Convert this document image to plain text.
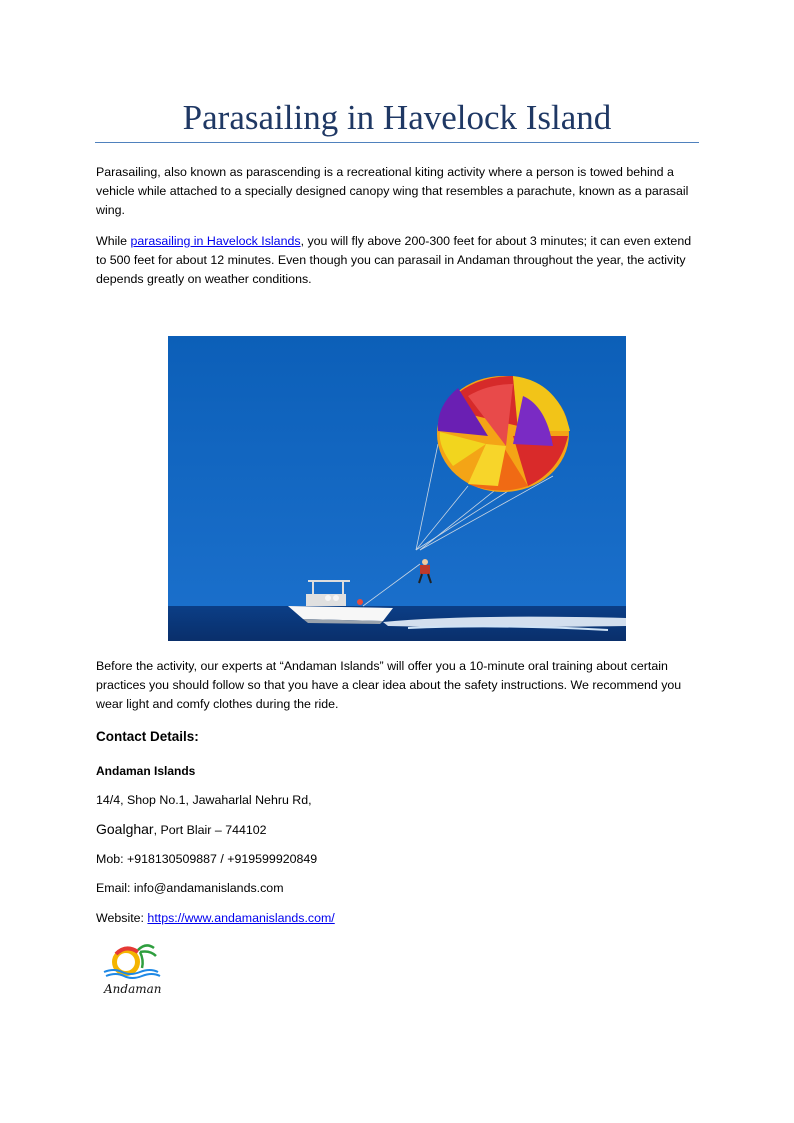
Parasailing in Havelock Island

Parasailing, also known as parascending is a recreational kiting activity where a person is towed behind a vehicle while attached to a specially designed canopy wing that resembles a parachute, known as a parasail wing.

While parasailing in Havelock Islands, you will fly above 200-300 feet for about 3 minutes; it can even extend to 500 feet for about 12 minutes. Even though you can parasail in Andaman throughout the year, the activity depends greatly on weather conditions.

Before the activity, our experts at “Andaman Islands” will offer you a 10-minute oral training about certain practices you should follow so that you have a clear idea about the safety instructions. We recommend you wear light and comfy clothes during the ride.

Contact Details:

Andaman Islands

14/4, Shop No.1, Jawaharlal Nehru Rd,

Goalghar, Port Blair – 744102

Mob: +918130509887 / +919599920849

Email: info@andamanislands.com

Website: https://www.andamanislands.com/

Andaman
